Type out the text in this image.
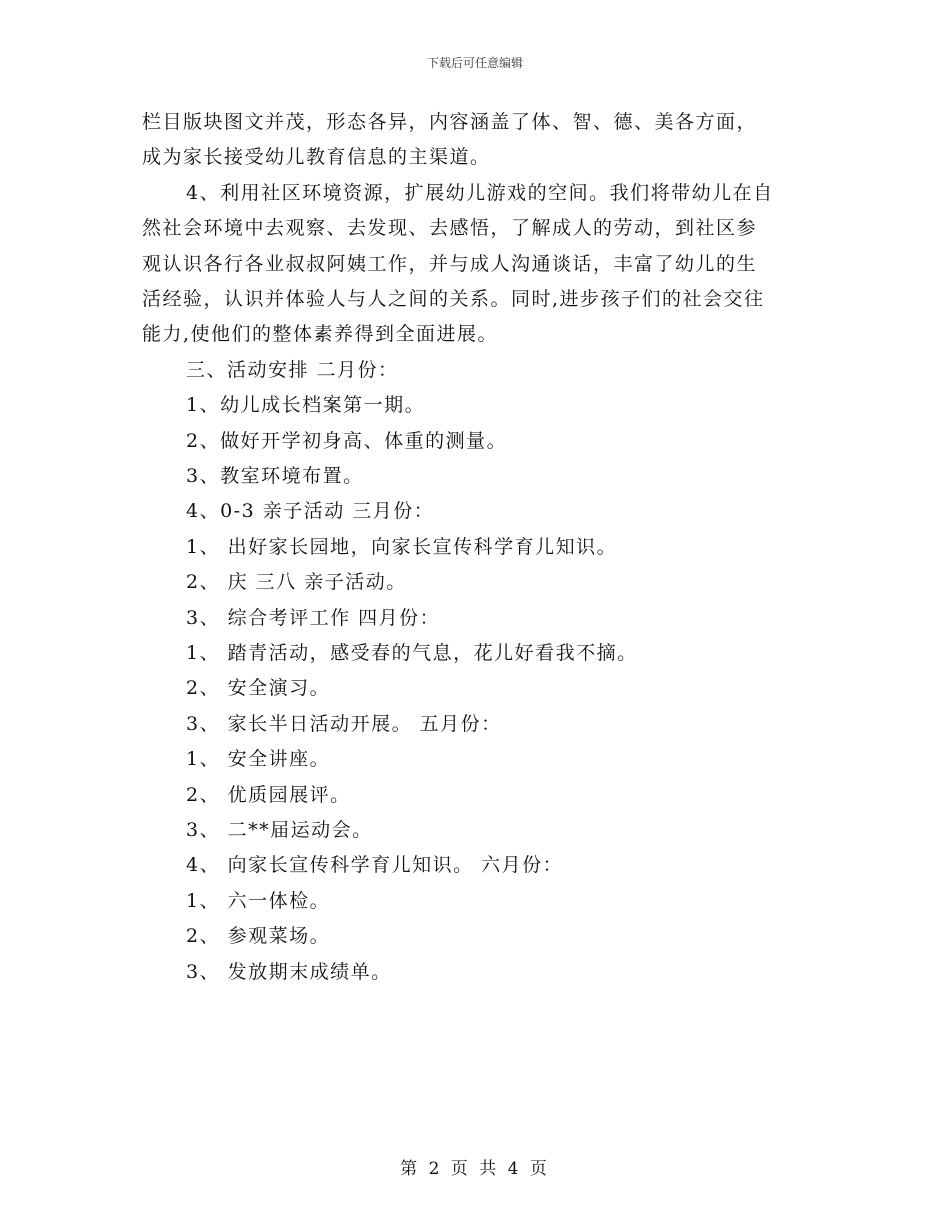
下载后可任意编辑
栏目版块图文并茂，形态各异，内容涵盖了体、智、德、美各方面，
成为家长接受幼儿教育信息的主渠道。
4、利用社区环境资源，扩展幼儿游戏的空间。我们将带幼儿在自
然社会环境中去观察、去发现、去感悟，了解成人的劳动，到社区参
观认识各行各业叔叔阿姨工作，并与成人沟通谈话，丰富了幼儿的生
活经验，认识并体验人与人之间的关系。同时,进步孩子们的社会交往
能力,使他们的整体素养得到全面进展。
三、活动安排 二月份：
1、幼儿成长档案第一期。
2、做好开学初身高、体重的测量。
3、教室环境布置。
4、0-3 亲子活动 三月份：
1、 出好家长园地，向家长宣传科学育儿知识。
2、 庆 三八 亲子活动。
3、 综合考评工作 四月份：
1、 踏青活动，感受春的气息，花儿好看我不摘。
2、 安全演习。
3、 家长半日活动开展。 五月份：
1、 安全讲座。
2、 优质园展评。
3、 二**届运动会。
4、 向家长宣传科学育儿知识。 六月份：
1、 六一体检。
2、 参观菜场。
3、 发放期末成绩单。
第 2 页 共 4 页
